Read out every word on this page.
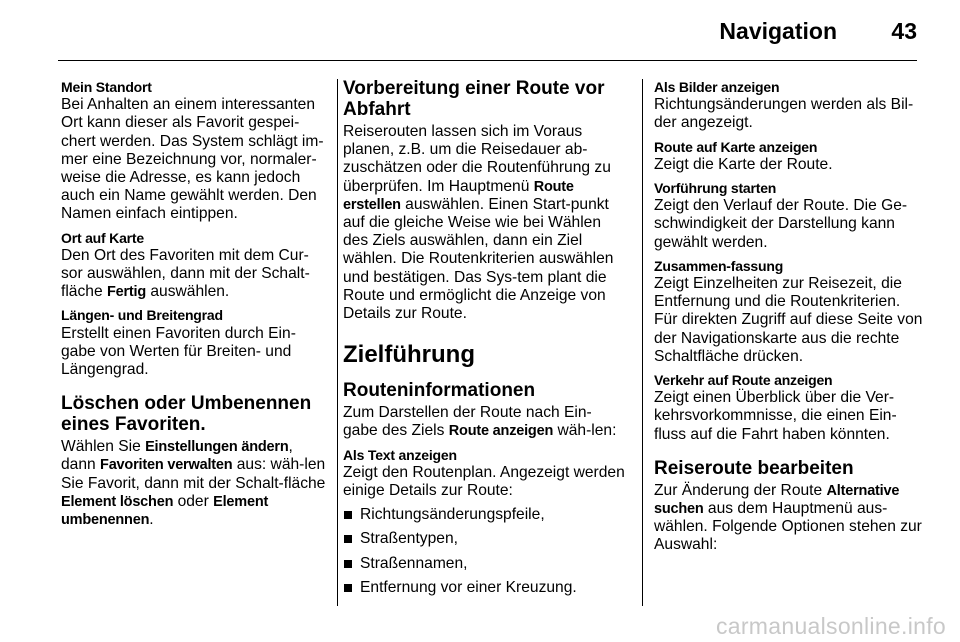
Navigation 43
Mein Standort

Bei Anhalten an einem interessanten Ort kann dieser als Favorit gespei-chert werden. Das System schlägt im-mer eine Bezeichnung vor, normaler-weise die Adresse, es kann jedoch auch ein Name gewählt werden. Den Namen einfach eintippen.

Ort auf Karte

Den Ort des Favoriten mit dem Cur-sor auswählen, dann mit der Schalt-fläche Fertig auswählen.

Längen- und Breitengrad

Erstellt einen Favoriten durch Ein-gabe von Werten für Breiten- und Längengrad.

Löschen oder Umbenennen eines Favoriten.

Wählen Sie Einstellungen ändern, dann Favoriten verwalten aus: wäh-len Sie Favorit, dann mit der Schalt-fläche Element löschen oder Element umbenennen.

Vorbereitung einer Route vor Abfahrt

Reiserouten lassen sich im Voraus planen, z.B. um die Reisedauer ab-zuschätzen oder die Routenführung zu überprüfen. Im Hauptmenü Route erstellen auswählen. Einen Start-punkt auf die gleiche Weise wie bei Wählen des Ziels auswählen, dann ein Ziel wählen. Die Routenkriterien auswählen und bestätigen. Das Sys-tem plant die Route und ermöglicht die Anzeige von Details zur Route.

Zielführung
Routeninformationen

Zum Darstellen der Route nach Ein-gabe des Ziels Route anzeigen wäh-len:

Als Text anzeigen

Zeigt den Routenplan. Angezeigt werden einige Details zur Route:

Richtungsänderungspfeile,
Straßentypen,
Straßennamen,
Entfernung vor einer Kreuzung.
Als Bilder anzeigen

Richtungsänderungen werden als Bil-der angezeigt.

Route auf Karte anzeigen

Zeigt die Karte der Route.

Vorführung starten

Zeigt den Verlauf der Route. Die Ge-schwindigkeit der Darstellung kann gewählt werden.

Zusammen-fassung

Zeigt Einzelheiten zur Reisezeit, die Entfernung und die Routenkriterien. Für direkten Zugriff auf diese Seite von der Navigationskarte aus die rechte Schaltfläche drücken.

Verkehr auf Route anzeigen

Zeigt einen Überblick über die Ver-kehrsvorkommnisse, die einen Ein-fluss auf die Fahrt haben könnten.

Reiseroute bearbeiten

Zur Änderung der Route Alternative suchen aus dem Hauptmenü aus-wählen. Folgende Optionen stehen zur Auswahl:

carmanualsonline.info
